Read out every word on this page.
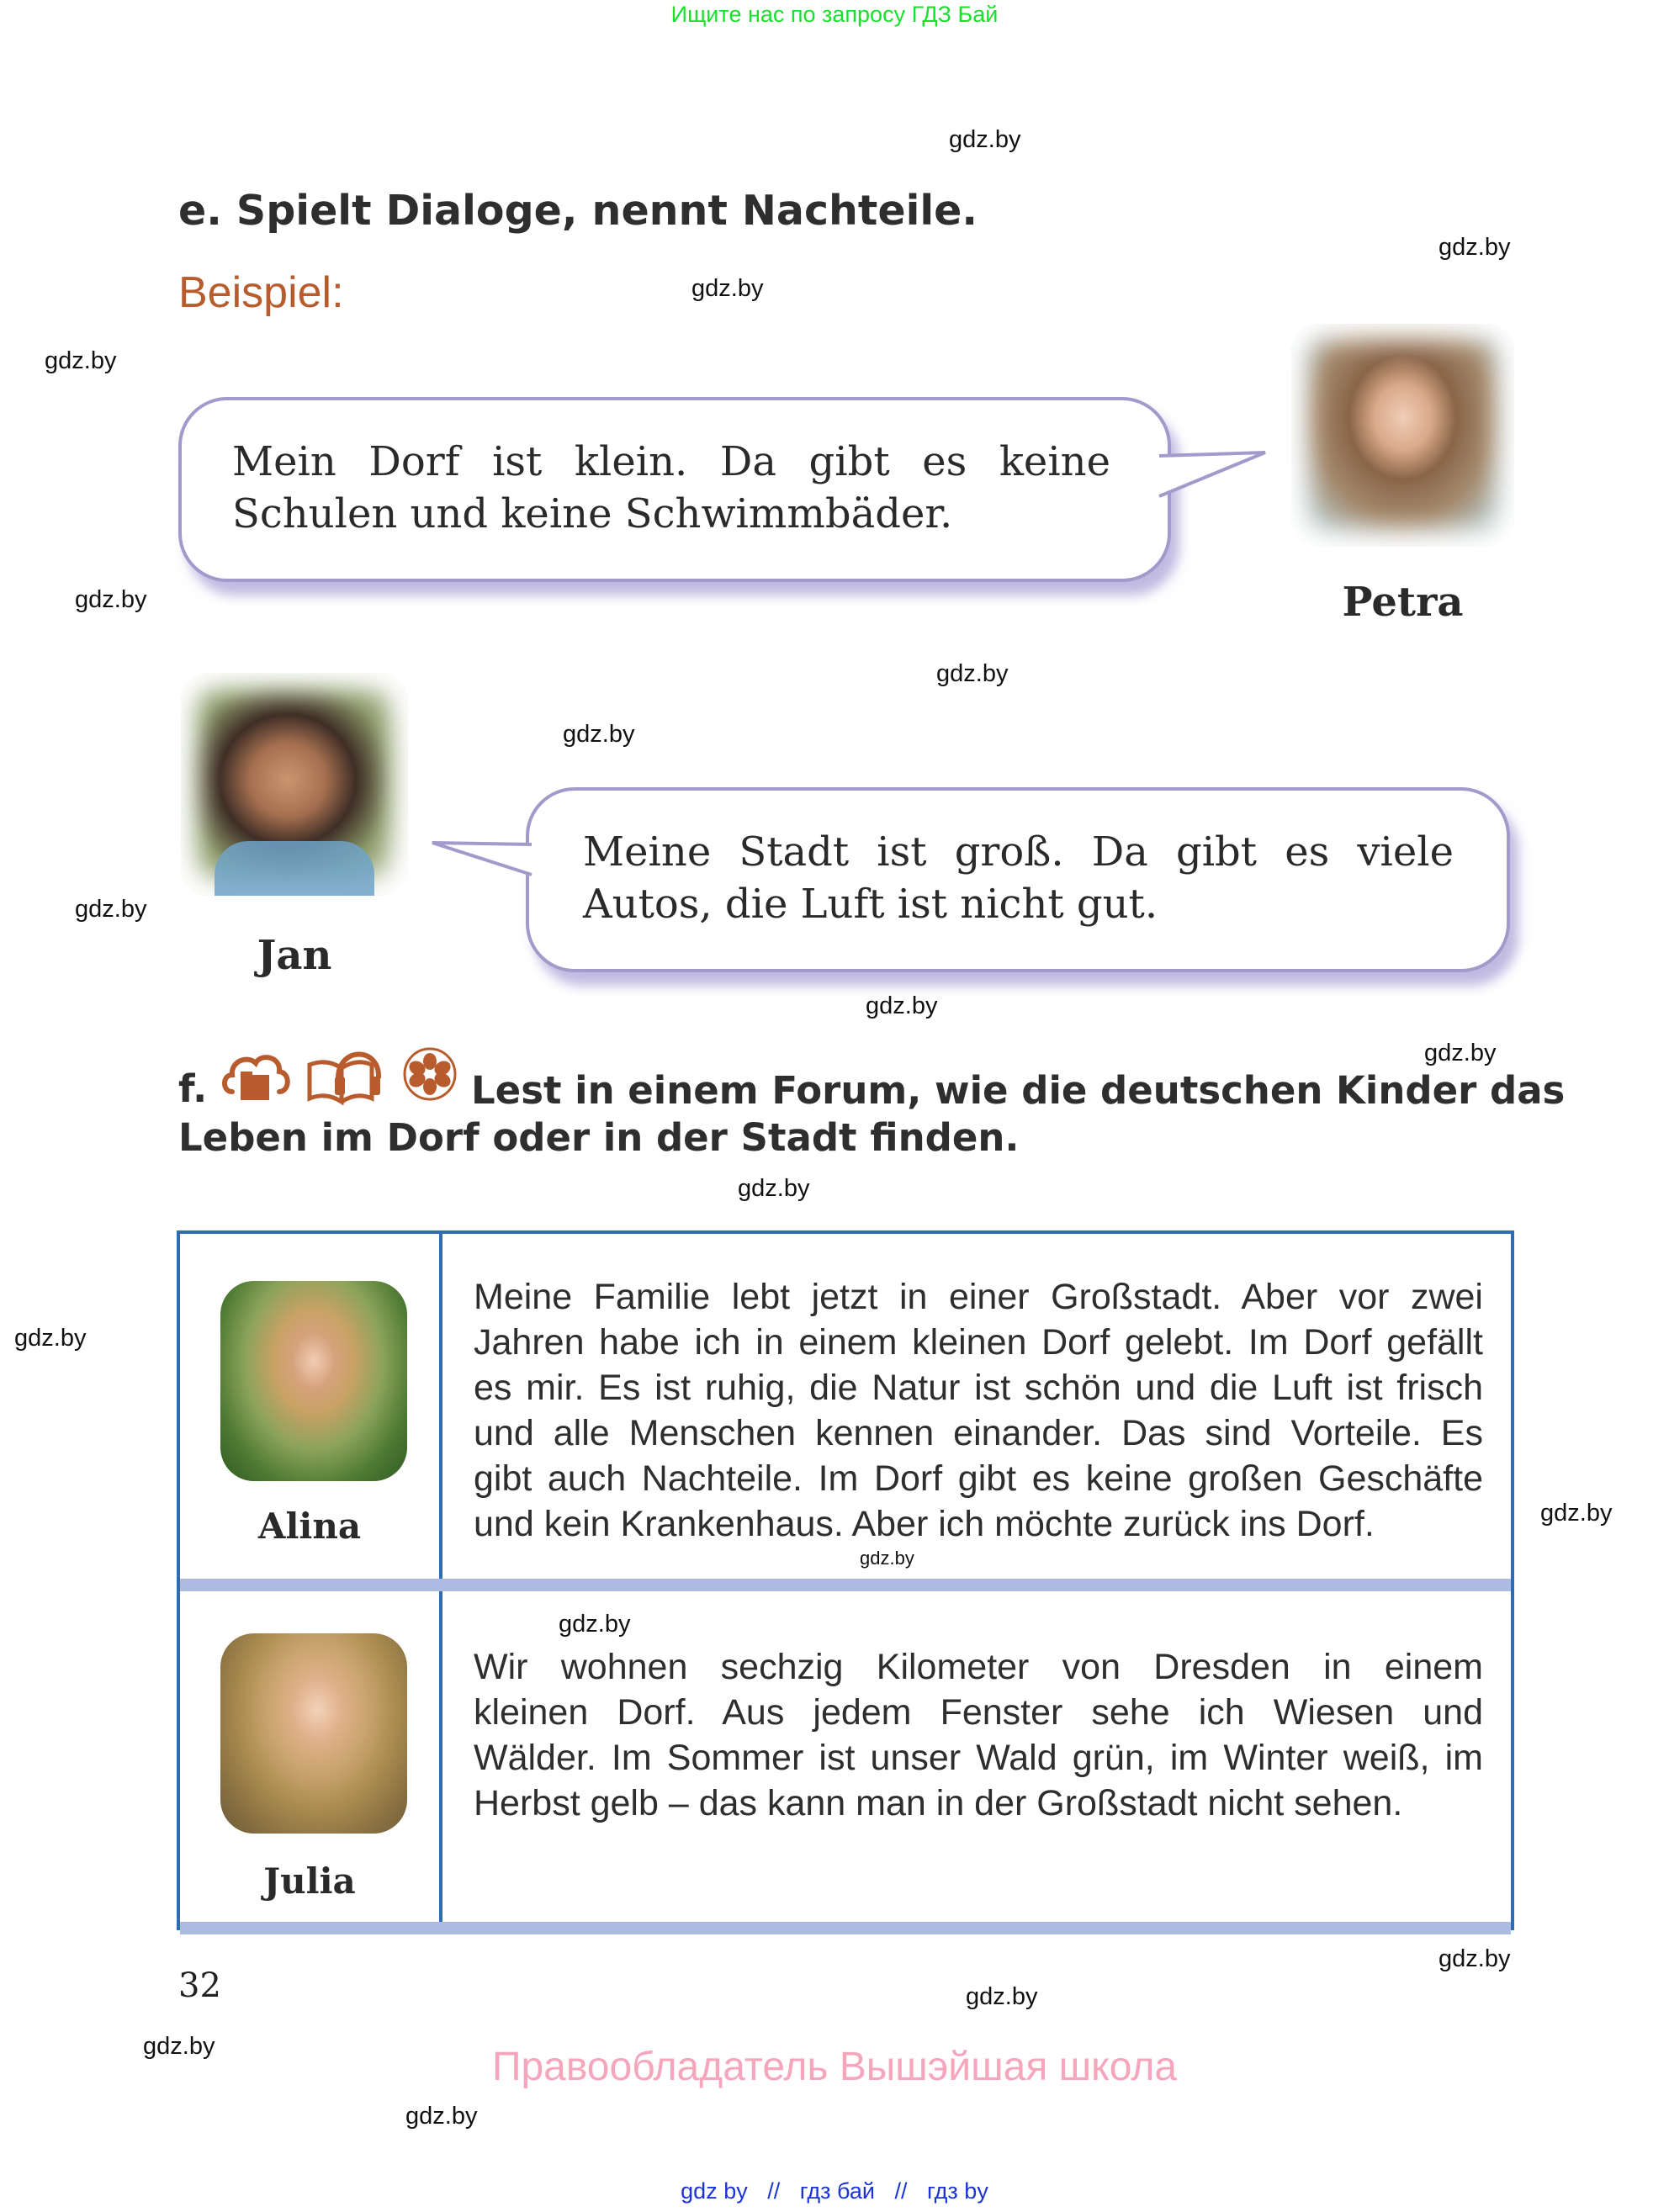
Ищите нас по запросу ГДЗ Бай
gdz.by
gdz.by
gdz.by
gdz.by
gdz.by
gdz.by
gdz.by
gdz.by
gdz.by
gdz.by
gdz.by
gdz.by
gdz.by
gdz.by
gdz.by
gdz.by
gdz.by
gdz.by
e. Spielt Dialoge, nennt Nachteile.
Beispiel:
Mein Dorf ist klein. Da gibt es keine
Schulen und keine Schwimmbäder.
Petra
Jan
Meine Stadt ist groß. Da gibt es viele
Autos, die Luft ist nicht gut.
f.	Lest in einem Forum, wie die deutschen Kinder das
Leben im Dorf oder in der Stadt finden.
Alina
Meine Familie lebt jetzt in einer Großstadt. Aber vor zwei
Jahren habe ich in einem kleinen Dorf gelebt. Im Dorf gefällt
es mir. Es ist ruhig, die Natur ist schön und die Luft ist frisch
und alle Menschen kennen einander. Das sind Vorteile. Es
gibt auch Nachteile. Im Dorf gibt es keine großen Geschäfte
und kein Krankenhaus. Aber ich möchte zurück ins Dorf.
gdz.by
Julia
Wir wohnen sechzig Kilometer von Dresden in einem
kleinen Dorf. Aus jedem Fenster sehe ich Wiesen und
Wälder. Im Sommer ist unser Wald grün, im Winter weiß, im
Herbst gelb – das kann man in der Großstadt nicht sehen.
32
Правообладатель Вышэйшая школа
gdz by // гдз бай // гдз by
